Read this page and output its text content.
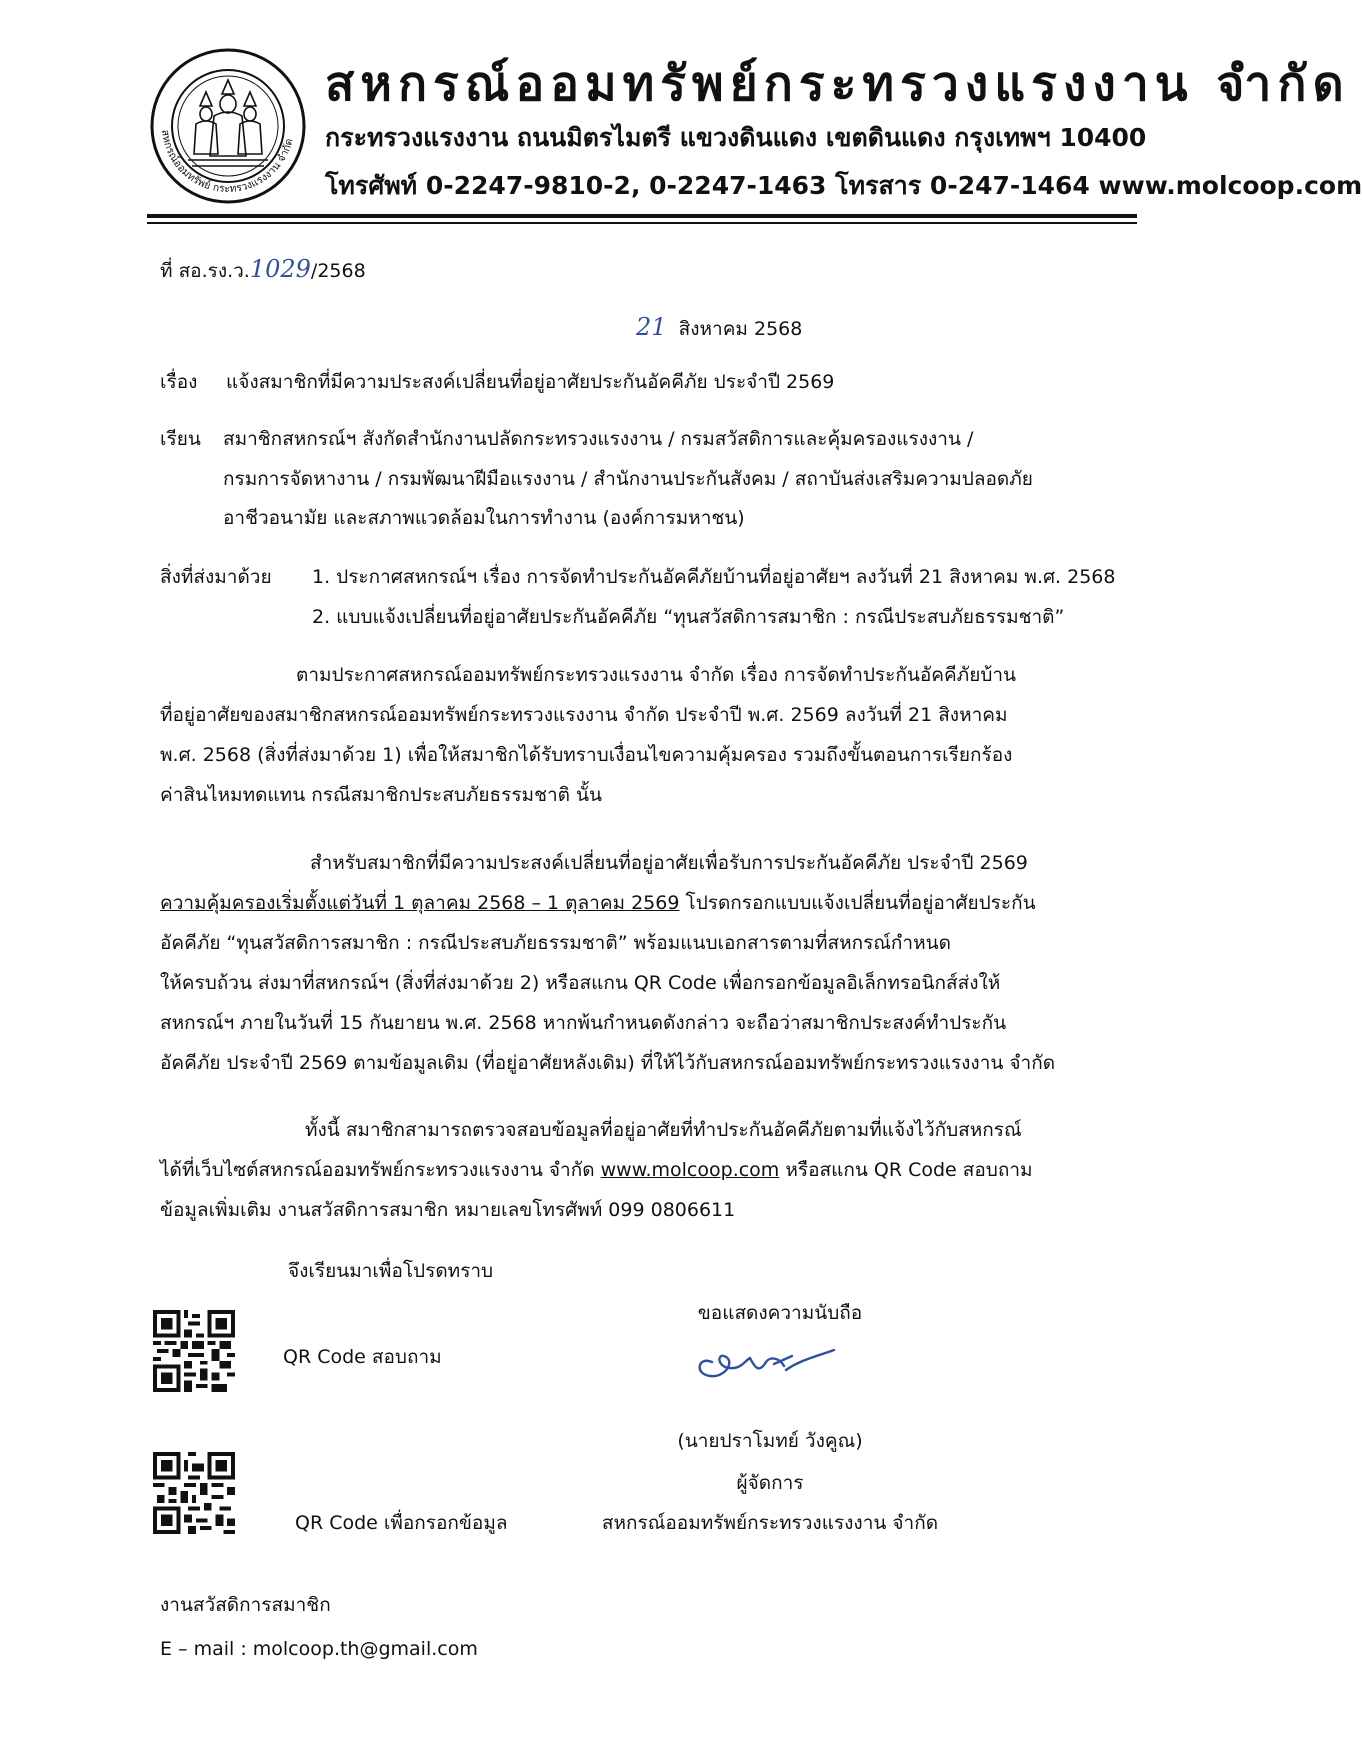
สหกรณ์ออมทรัพย์ กระทรวงแรงงาน จำกัด
สหกรณ์ออมทรัพย์กระทรวงแรงงาน จำกัด
กระทรวงแรงงาน ถนนมิตรไมตรี แขวงดินแดง เขตดินแดง กรุงเทพฯ 10400
โทรศัพท์ 0-2247-9810-2, 0-2247-1463 โทรสาร 0-247-1464 www.molcoop.com
ที่ สอ.รง.ว.1029/2568
21 สิงหาคม 2568
เรื่อง แจ้งสมาชิกที่มีความประสงค์เปลี่ยนที่อยู่อาศัยประกันอัคคีภัย ประจำปี 2569
เรียน สมาชิกสหกรณ์ฯ สังกัดสำนักงานปลัดกระทรวงแรงงาน / กรมสวัสดิการและคุ้มครองแรงงาน /
กรมการจัดหางาน / กรมพัฒนาฝีมือแรงงาน / สำนักงานประกันสังคม / สถาบันส่งเสริมความปลอดภัย
อาชีวอนามัย และสภาพแวดล้อมในการทำงาน (องค์การมหาชน)
สิ่งที่ส่งมาด้วย 1. ประกาศสหกรณ์ฯ เรื่อง การจัดทำประกันอัคคีภัยบ้านที่อยู่อาศัยฯ ลงวันที่ 21 สิงหาคม พ.ศ. 2568
2. แบบแจ้งเปลี่ยนที่อยู่อาศัยประกันอัคคีภัย “ทุนสวัสดิการสมาชิก : กรณีประสบภัยธรรมชาติ”
ตามประกาศสหกรณ์ออมทรัพย์กระทรวงแรงงาน จำกัด เรื่อง การจัดทำประกันอัคคีภัยบ้าน
ที่อยู่อาศัยของสมาชิกสหกรณ์ออมทรัพย์กระทรวงแรงงาน จำกัด ประจำปี พ.ศ. 2569 ลงวันที่ 21 สิงหาคม
พ.ศ. 2568 (สิ่งที่ส่งมาด้วย 1) เพื่อให้สมาชิกได้รับทราบเงื่อนไขความคุ้มครอง รวมถึงขั้นตอนการเรียกร้อง
ค่าสินไหมทดแทน กรณีสมาชิกประสบภัยธรรมชาติ นั้น
สำหรับสมาชิกที่มีความประสงค์เปลี่ยนที่อยู่อาศัยเพื่อรับการประกันอัคคีภัย ประจำปี 2569
ความคุ้มครองเริ่มตั้งแต่วันที่ 1 ตุลาคม 2568 – 1 ตุลาคม 2569 โปรดกรอกแบบแจ้งเปลี่ยนที่อยู่อาศัยประกัน
อัคคีภัย “ทุนสวัสดิการสมาชิก : กรณีประสบภัยธรรมชาติ” พร้อมแนบเอกสารตามที่สหกรณ์กำหนด
ให้ครบถ้วน ส่งมาที่สหกรณ์ฯ (สิ่งที่ส่งมาด้วย 2) หรือสแกน QR Code เพื่อกรอกข้อมูลอิเล็กทรอนิกส์ส่งให้
สหกรณ์ฯ ภายในวันที่ 15 กันยายน พ.ศ. 2568 หากพ้นกำหนดดังกล่าว จะถือว่าสมาชิกประสงค์ทำประกัน
อัคคีภัย ประจำปี 2569 ตามข้อมูลเดิม (ที่อยู่อาศัยหลังเดิม) ที่ให้ไว้กับสหกรณ์ออมทรัพย์กระทรวงแรงงาน จำกัด
ทั้งนี้ สมาชิกสามารถตรวจสอบข้อมูลที่อยู่อาศัยที่ทำประกันอัคคีภัยตามที่แจ้งไว้กับสหกรณ์
ได้ที่เว็บไซต์สหกรณ์ออมทรัพย์กระทรวงแรงงาน จำกัด www.molcoop.com หรือสแกน QR Code สอบถาม
ข้อมูลเพิ่มเติม งานสวัสดิการสมาชิก หมายเลขโทรศัพท์ 099 0806611
จึงเรียนมาเพื่อโปรดทราบ
QR Code สอบถาม
ขอแสดงความนับถือ
(นายปราโมทย์ วังคูณ)
ผู้จัดการ
สหกรณ์ออมทรัพย์กระทรวงแรงงาน จำกัด
QR Code เพื่อกรอกข้อมูล
งานสวัสดิการสมาชิก
E – mail : molcoop.th@gmail.com
